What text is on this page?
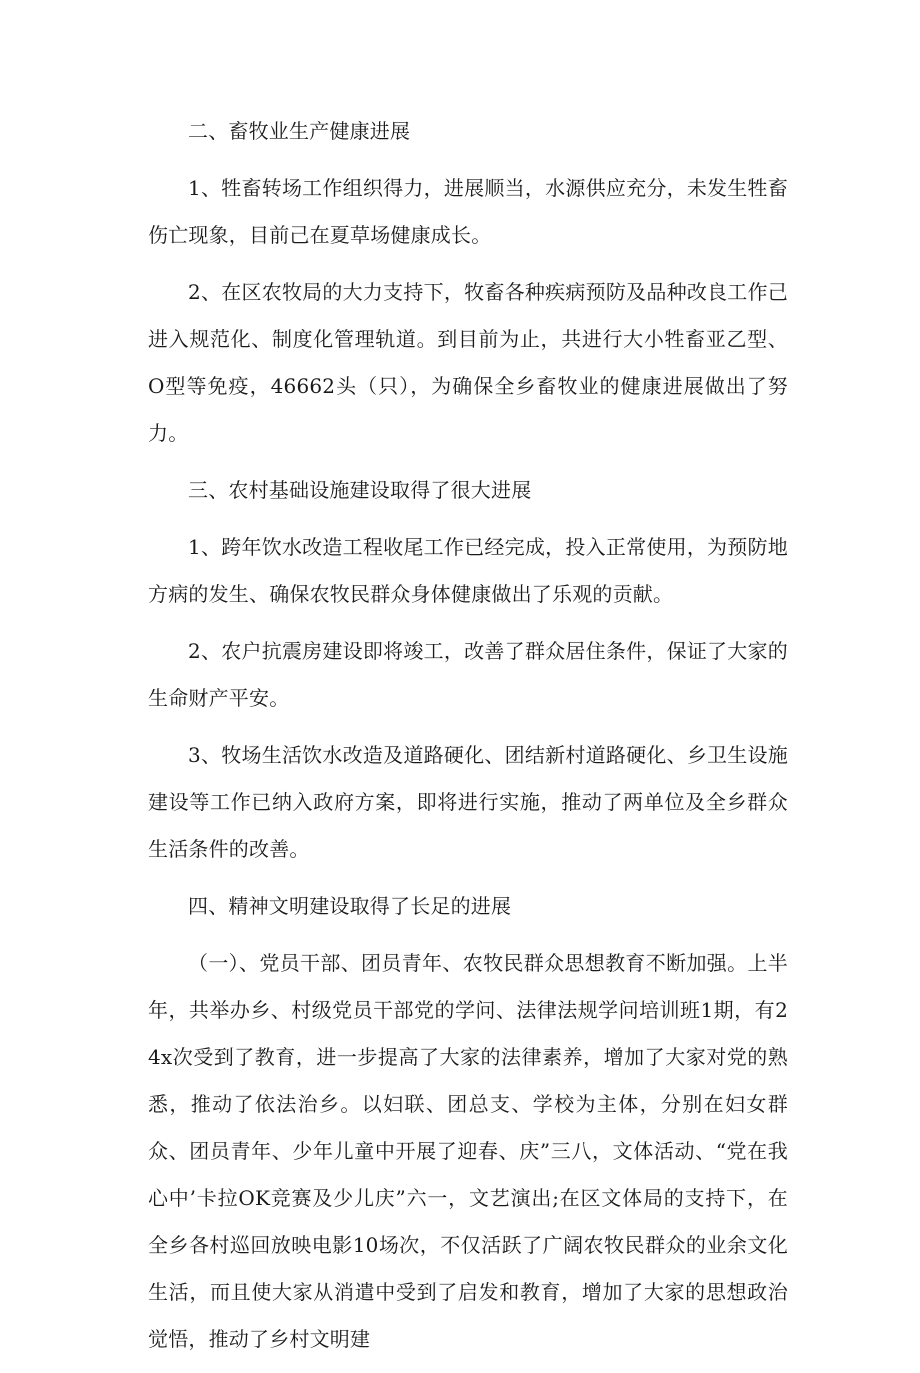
二、畜牧业生产健康进展

1、牲畜转场工作组织得力，进展顺当，水源供应充分，未发生牲畜伤亡现象，目前己在夏草场健康成长。

2、在区农牧局的大力支持下，牧畜各种疾病预防及品种改良工作己进入规范化、制度化管理轨道。到目前为止，共进行大小牲畜亚乙型、O型等免疫，46662头（只），为确保全乡畜牧业的健康进展做出了努力。

三、农村基础设施建设取得了很大进展

1、跨年饮水改造工程收尾工作已经完成，投入正常使用，为预防地方病的发生、确保农牧民群众身体健康做出了乐观的贡献。

2、农户抗震房建设即将竣工，改善了群众居住条件，保证了大家的生命财产平安。

3、牧场生活饮水改造及道路硬化、团结新村道路硬化、乡卫生设施建设等工作已纳入政府方案，即将进行实施，推动了两单位及全乡群众生活条件的改善。

四、精神文明建设取得了长足的进展

（一）、党员干部、团员青年、农牧民群众思想教育不断加强。上半年，共举办乡、村级党员干部党的学问、法律法规学问培训班1期，有24x次受到了教育，进一步提高了大家的法律素养，增加了大家对党的熟悉，推动了依法治乡。以妇联、团总支、学校为主体，分别在妇女群众、团员青年、少年儿童中开展了迎春、庆”三八，文体活动、“党在我心中’卡拉OK竞赛及少儿庆”六一，文艺演出;在区文体局的支持下，在全乡各村巡回放映电影10场次，不仅活跃了广阔农牧民群众的业余文化生活，而且使大家从消遣中受到了启发和教育，增加了大家的思想政治觉悟，推动了乡村文明建
